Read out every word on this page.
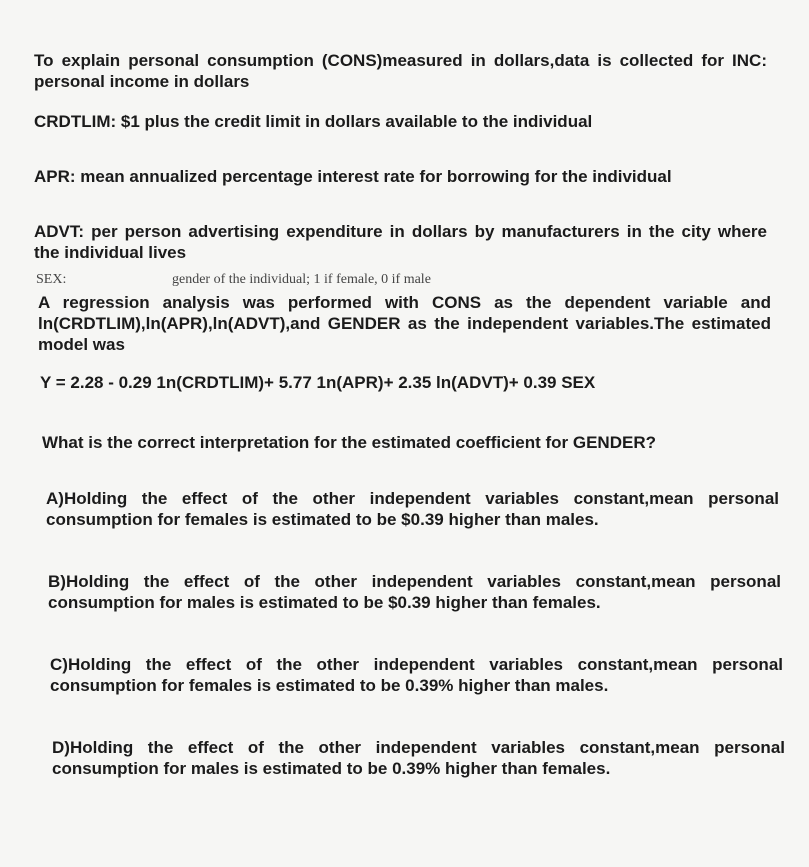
To explain personal consumption (CONS)measured in dollars,data is collected for INC: personal income in dollars
CRDTLIM: $1 plus the credit limit in dollars available to the individual
APR: mean annualized percentage interest rate for borrowing for the individual
ADVT: per person advertising expenditure in dollars by manufacturers in the city where the individual lives
SEX:	gender of the individual; 1 if female, 0 if male
A regression analysis was performed with CONS as the dependent variable and ln(CRDTLIM),ln(APR),ln(ADVT),and GENDER as the independent variables.The estimated model was
Y = 2.28 - 0.29 1n(CRDTLIM)+ 5.77 1n(APR)+ 2.35 ln(ADVT)+ 0.39 SEX
What is the correct interpretation for the estimated coefficient for GENDER?
A)Holding the effect of the other independent variables constant,mean personal consumption for females is estimated to be $0.39 higher than males.
B)Holding the effect of the other independent variables constant,mean personal consumption for males is estimated to be $0.39 higher than females.
C)Holding the effect of the other independent variables constant,mean personal consumption for females is estimated to be 0.39% higher than males.
D)Holding the effect of the other independent variables constant,mean personal consumption for males is estimated to be 0.39% higher than females.
